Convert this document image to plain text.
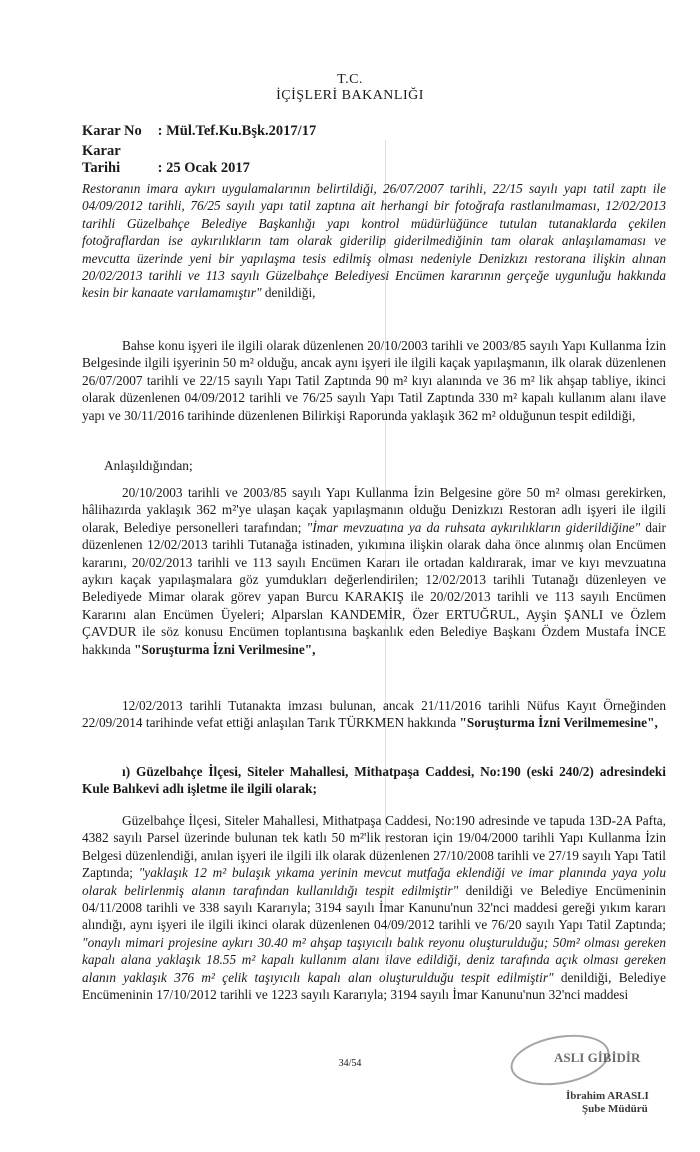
T.C.
İÇİŞLERİ BAKANLIĞI
Karar No : Mül.Tef.Ku.Bşk.2017/17
Karar Tarihi	: 25 Ocak 2017

Restoranın imara aykırı uygulamalarının belirtildiği, 26/07/2007 tarihli, 22/15 sayılı yapı tatil zaptı ile 04/09/2012 tarihli, 76/25 sayılı yapı tatil zaptına ait herhangi bir fotoğrafa rastlanılmaması, 12/02/2013 tarihli Güzelbahçe Belediye Başkanlığı yapı kontrol müdürlüğünce tutulan tutanaklarda çekilen fotoğraflardan ise aykırılıkların tam olarak giderilip giderilmediğinin tam olarak anlaşılamaması ve mevcutta üzerinde yeni bir yapılaşma tesis edilmiş olması nedeniyle Denizkızı restorana ilişkin alınan 20/02/2013 tarihli ve 113 sayılı Güzelbahçe Belediyesi Encümen kararının gerçeğe uygunluğu hakkında kesin bir kanaate varılamamıştır" denildiği,

Bahse konu işyeri ile ilgili olarak düzenlenen 20/10/2003 tarihli ve 2003/85 sayılı Yapı Kullanma İzin Belgesinde ilgili işyerinin 50 m² olduğu, ancak aynı işyeri ile ilgili kaçak yapılaşmanın, ilk olarak düzenlenen 26/07/2007 tarihli ve 22/15 sayılı Yapı Tatil Zaptında 90 m² kıyı alanında ve 36 m² lik ahşap tabliye, ikinci olarak düzenlenen 04/09/2012 tarihli ve 76/25 sayılı Yapı Tatil Zaptında 330 m² kapalı kullanım alanı ilave yapı ve 30/11/2016 tarihinde düzenlenen Bilirkişi Raporunda yaklaşık 362 m² olduğunun tespit edildiği,

Anlaşıldığından;

20/10/2003 tarihli ve 2003/85 sayılı Yapı Kullanma İzin Belgesine göre 50 m² olması gerekirken, hâlihazırda yaklaşık 362 m²'ye ulaşan kaçak yapılaşmanın olduğu Denizkızı Restoran adlı işyeri ile ilgili olarak, Belediye personelleri tarafından; "İmar mevzuatına ya da ruhsata aykırılıkların giderildiğine" dair düzenlenen 12/02/2013 tarihli Tutanağa istinaden, yıkımına ilişkin olarak daha önce alınmış olan Encümen kararını, 20/02/2013 tarihli ve 113 sayılı Encümen Kararı ile ortadan kaldırarak, imar ve kıyı mevzuatına aykırı kaçak yapılaşmalara göz yumdukları değerlendirilen; 12/02/2013 tarihli Tutanağı düzenleyen ve Belediyede Mimar olarak görev yapan Burcu KARAKIŞ ile 20/02/2013 tarihli ve 113 sayılı Encümen Kararını alan Encümen Üyeleri; Alparslan KANDEMİR, Özer ERTUĞRUL, Ayşin ŞANLI ve Özlem ÇAVDUR ile söz konusu Encümen toplantısına başkanlık eden Belediye Başkanı Özdem Mustafa İNCE hakkında "Soruşturma İzni Verilmesine",

12/02/2013 tarihli Tutanakta imzası bulunan, ancak 21/11/2016 tarihli Nüfus Kayıt Örneğinden 22/09/2014 tarihinde vefat ettiği anlaşılan Tarık TÜRKMEN hakkında "Soruşturma İzni Verilmemesine",

ı) Güzelbahçe İlçesi, Siteler Mahallesi, Mithatpaşa Caddesi, No:190 (eski 240/2) adresindeki Kule Balıkevi adlı işletme ile ilgili olarak;

Güzelbahçe İlçesi, Siteler Mahallesi, Mithatpaşa Caddesi, No:190 adresinde ve tapuda 13D-2A Pafta, 4382 sayılı Parsel üzerinde bulunan tek katlı 50 m²'lik restoran için 19/04/2000 tarihli Yapı Kullanma İzin Belgesi düzenlendiği, anılan işyeri ile ilgili ilk olarak düzenlenen 27/10/2008 tarihli ve 27/19 sayılı Yapı Tatil Zaptında; "yaklaşık 12 m² bulaşık yıkama yerinin mevcut mutfağa eklendiği ve imar planında yaya yolu olarak belirlenmiş alanın tarafından kullanıldığı tespit edilmiştir" denildiği ve Belediye Encümeninin 04/11/2008 tarihli ve 338 sayılı Kararıyla; 3194 sayılı İmar Kanunu'nun 32'nci maddesi gereği yıkım kararı alındığı, aynı işyeri ile ilgili ikinci olarak düzenlenen 04/09/2012 tarihli ve 76/20 sayılı Yapı Tatil Zaptında; "onaylı mimari projesine aykırı 30.40 m² ahşap taşıyıcılı balık reyonu oluşturulduğu; 50m² olması gereken kapalı alana yaklaşık 18.55 m² kapalı kullanım alanı ilave edildiği, deniz tarafında açık olması gereken alanın yaklaşık 376 m² çelik taşıyıcılı kapalı alan oluşturulduğu tespit edilmiştir" denildiği, Belediye Encümeninin 17/10/2012 tarihli ve 1223 sayılı Kararıyla; 3194 sayılı İmar Kanunu'nun 32'nci maddesi

34/54	ASLI GİBİDİR
İbrahim ARASLI
Şube Müdürü
